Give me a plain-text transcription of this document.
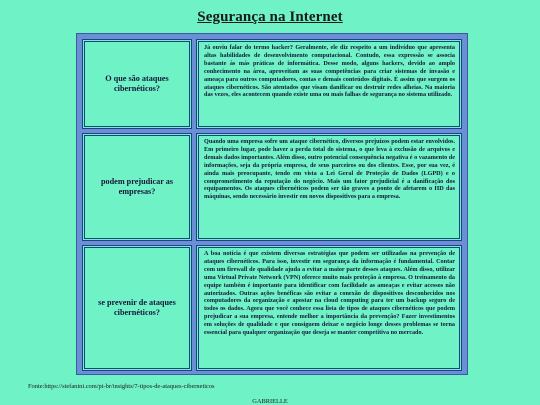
Segurança na Internet
O que são ataques cibernéticos?
Já ouviu falar do termo hacker? Geralmente, ele diz respeito a um indivíduo que apresenta altas habilidades de desenvolvimento computacional. Contudo, essa expressão se associa bastante às más práticas de informática. Desse modo, alguns hackers, devido ao amplo conhecimento na área, aproveitam as suas competências para criar sistemas de invasão e ameaça para outros computadores, contas e demais conteúdos digitais. É assim que surgem os ataques cibernéticos. São atentados que visam danificar ou destruir redes alheias. Na maioria das vezes, eles acontecem quando existe uma ou mais falhas de segurança no sistema utilizado.
podem prejudicar as empresas?
Quando uma empresa sofre um ataque cibernético, diversos prejuízos podem estar envolvidos. Em primeiro lugar, pode haver a perda total do sistema, o que leva à exclusão de arquivos e demais dados importantes. Além disso, outro potencial consequência negativa é o vazamento de informações, seja da própria empresa, de seus parceiros ou dos clientes. Esse, por sua vez, é ainda mais preocupante, tendo em vista a Lei Geral de Proteção de Dados (LGPD) e o comprometimento da reputação do negócio. Mais um fator prejudicial é a danificação dos equipamentos. Os ataques cibernéticos podem ser tão graves a ponto de afetarem o HD das máquinas, sendo necessário investir em novos dispositivos para a empresa.
se prevenir de ataques cibernéticos?
A boa notícia é que existem diversas estratégias que podem ser utilizadas na prevenção de ataques cibernéticos. Para isso, investir em segurança da informação é fundamental. Contar com um firewall de qualidade ajuda a evitar a maior parte desses ataques. Além disso, utilizar uma Virtual Private Network (VPN) oferece muito mais proteção à empresa. O treinamento da equipe também é importante para identificar com facilidade as ameaças e evitar acessos não autorizados. Outras ações benéficas são evitar a conexão de dispositivos desconhecidos nos computadores da organização e apostar na cloud computing para ter um backup seguro de todos os dados. Agora que você conhece essa lista de tipos de ataques cibernéticos que podem prejudicar a sua empresa, entende melhor a importância da prevenção? Fazer investimentos em soluções de qualidade e que consiguem deixar o negócio longe desses problemas se torna essencial para qualquer organização que deseja se manter competitiva no mercado.
Fonte:https://stefanini.com/pt-br/insights/7-tipos-de-ataques-ciberneticos
GABRIELLE
